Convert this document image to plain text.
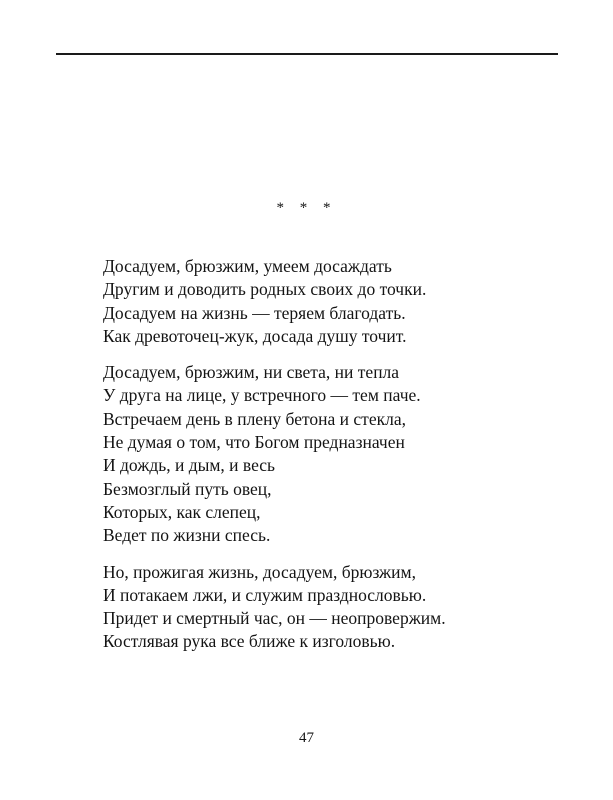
* * *
Досадуем, брюзжим, умеем досаждать
Другим и доводить родных своих до точки.
Досадуем на жизнь — теряем благодать.
Как древоточец-жук, досада душу точит.
Досадуем, брюзжим, ни света, ни тепла
У друга на лице, у встречного — тем паче.
Встречаем день в плену бетона и стекла,
Не думая о том, что Богом предназначен
И дождь, и дым, и весь
Безмозглый путь овец,
Которых, как слепец,
Ведет по жизни спесь.
Но, прожигая жизнь, досадуем, брюзжим,
И потакаем лжи, и служим празднословью.
Придет и смертный час, он — неопровержим.
Костлявая рука все ближе к изголовью.
47
